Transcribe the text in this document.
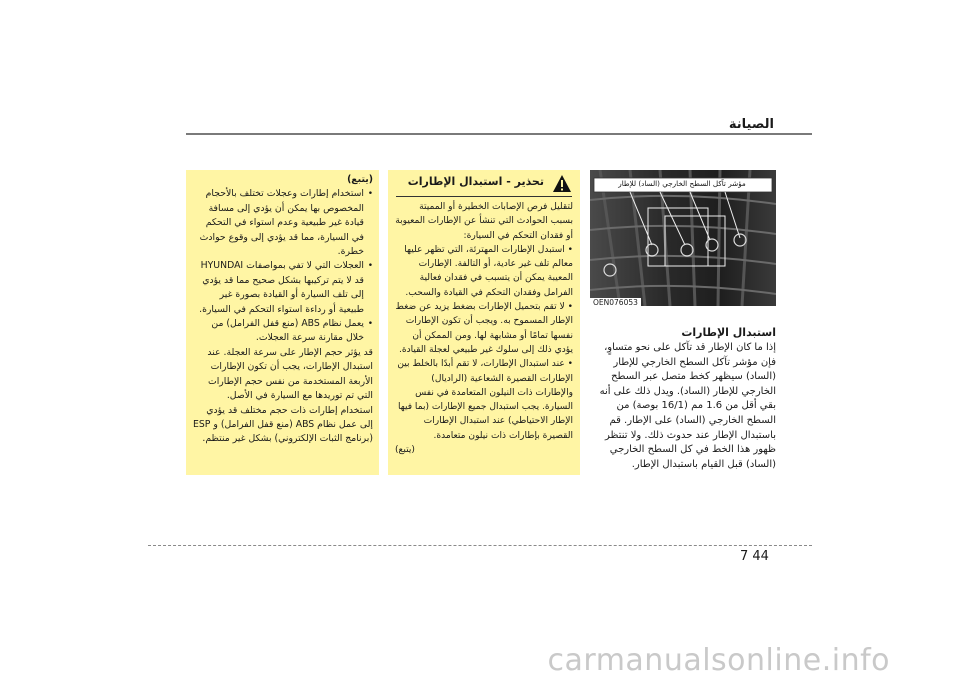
الصيانة
(يتبع)
• استخدام إطارات وعجلات تختلف بالأحجام المخصوص بها يمكن أن يؤدي إلى مسافة قيادة غير طبيعية وعدم استواء في التحكم في السيارة، مما قد يؤدي إلى وقوع حوادث خطرة.
• العجلات التي لا تفي بمواصفات HYUNDAI قد لا يتم تركيبها بشكل صحيح مما قد يؤدي إلى تلف السيارة أو القيادة بصورة غير طبيعية أو رداءة استواء التحكم في السيارة.
• يعمل نظام ABS (منع قفل الفرامل) من خلال مقارنة سرعة العجلات.
قد يؤثر حجم الإطار على سرعة العجلة. عند استبدال الإطارات، يجب أن تكون الإطارات الأربعة المستخدمة من نفس حجم الإطارات التي تم توريدها مع السيارة في الأصل. استخدام إطارات ذات حجم مختلف قد يؤدي إلى عمل نظام ABS (منع قفل الفرامل) و ESP (برنامج الثبات الإلكتروني) بشكل غير منتظم.
تحذير - استبدال الإطارات
لتقليل فرص الإصابات الخطيرة أو المميتة بسبب الحوادث التي تنشأ عن الإطارات المعيوبة أو فقدان التحكم في السيارة:
• استبدل الإطارات المهترئة، التي تظهر عليها معالم تلف غير عادية، أو التالفة. الإطارات المعيبة يمكن أن يتسبب في فقدان فعالية الفرامل وفقدان التحكم في القيادة والسحب.
• لا تقم بتحميل الإطارات بضغط يزيد عن ضغط الإطار المسموح به. ويجب أن تكون الإطارات نفسها تمامًا أو مشابهة لها. ومن الممكن أن يؤدي ذلك إلى سلوك غير طبيعي لعجلة القيادة.
• عند استبدال الإطارات، لا تقم أبدًا بالخلط بين الإطارات القصيرة الشعاعية (الراديال) والإطارات ذات النيلون المتعامدة في نفس السيارة. يجب استبدال جميع الإطارات (بما فيها الإطار الاحتياطي) عند استبدال الإطارات القصيرة بإطارات ذات نيلون متعامدة.
(يتبع)
مؤشر تآكل السطح الخارجي (الساد) للإطار
OEN076053
استبدال الإطارات
إذا ما كان الإطار قد تآكل على نحو متساوٍ، فإن مؤشر تآكل السطح الخارجي للإطار (الساد) سيظهر كخط متصل عبر السطح الخارجي للإطار (الساد). ويدل ذلك على أنه بقي أقل من 1.6 مم (16/1 بوصة) من السطح الخارجي (الساد) على الإطار. قم باستبدال الإطار عند حدوث ذلك. ولا تنتظر ظهور هذا الخط في كل السطح الخارجي (الساد) قبل القيام باستبدال الإطار.
7 44
carmanualsonline.info
